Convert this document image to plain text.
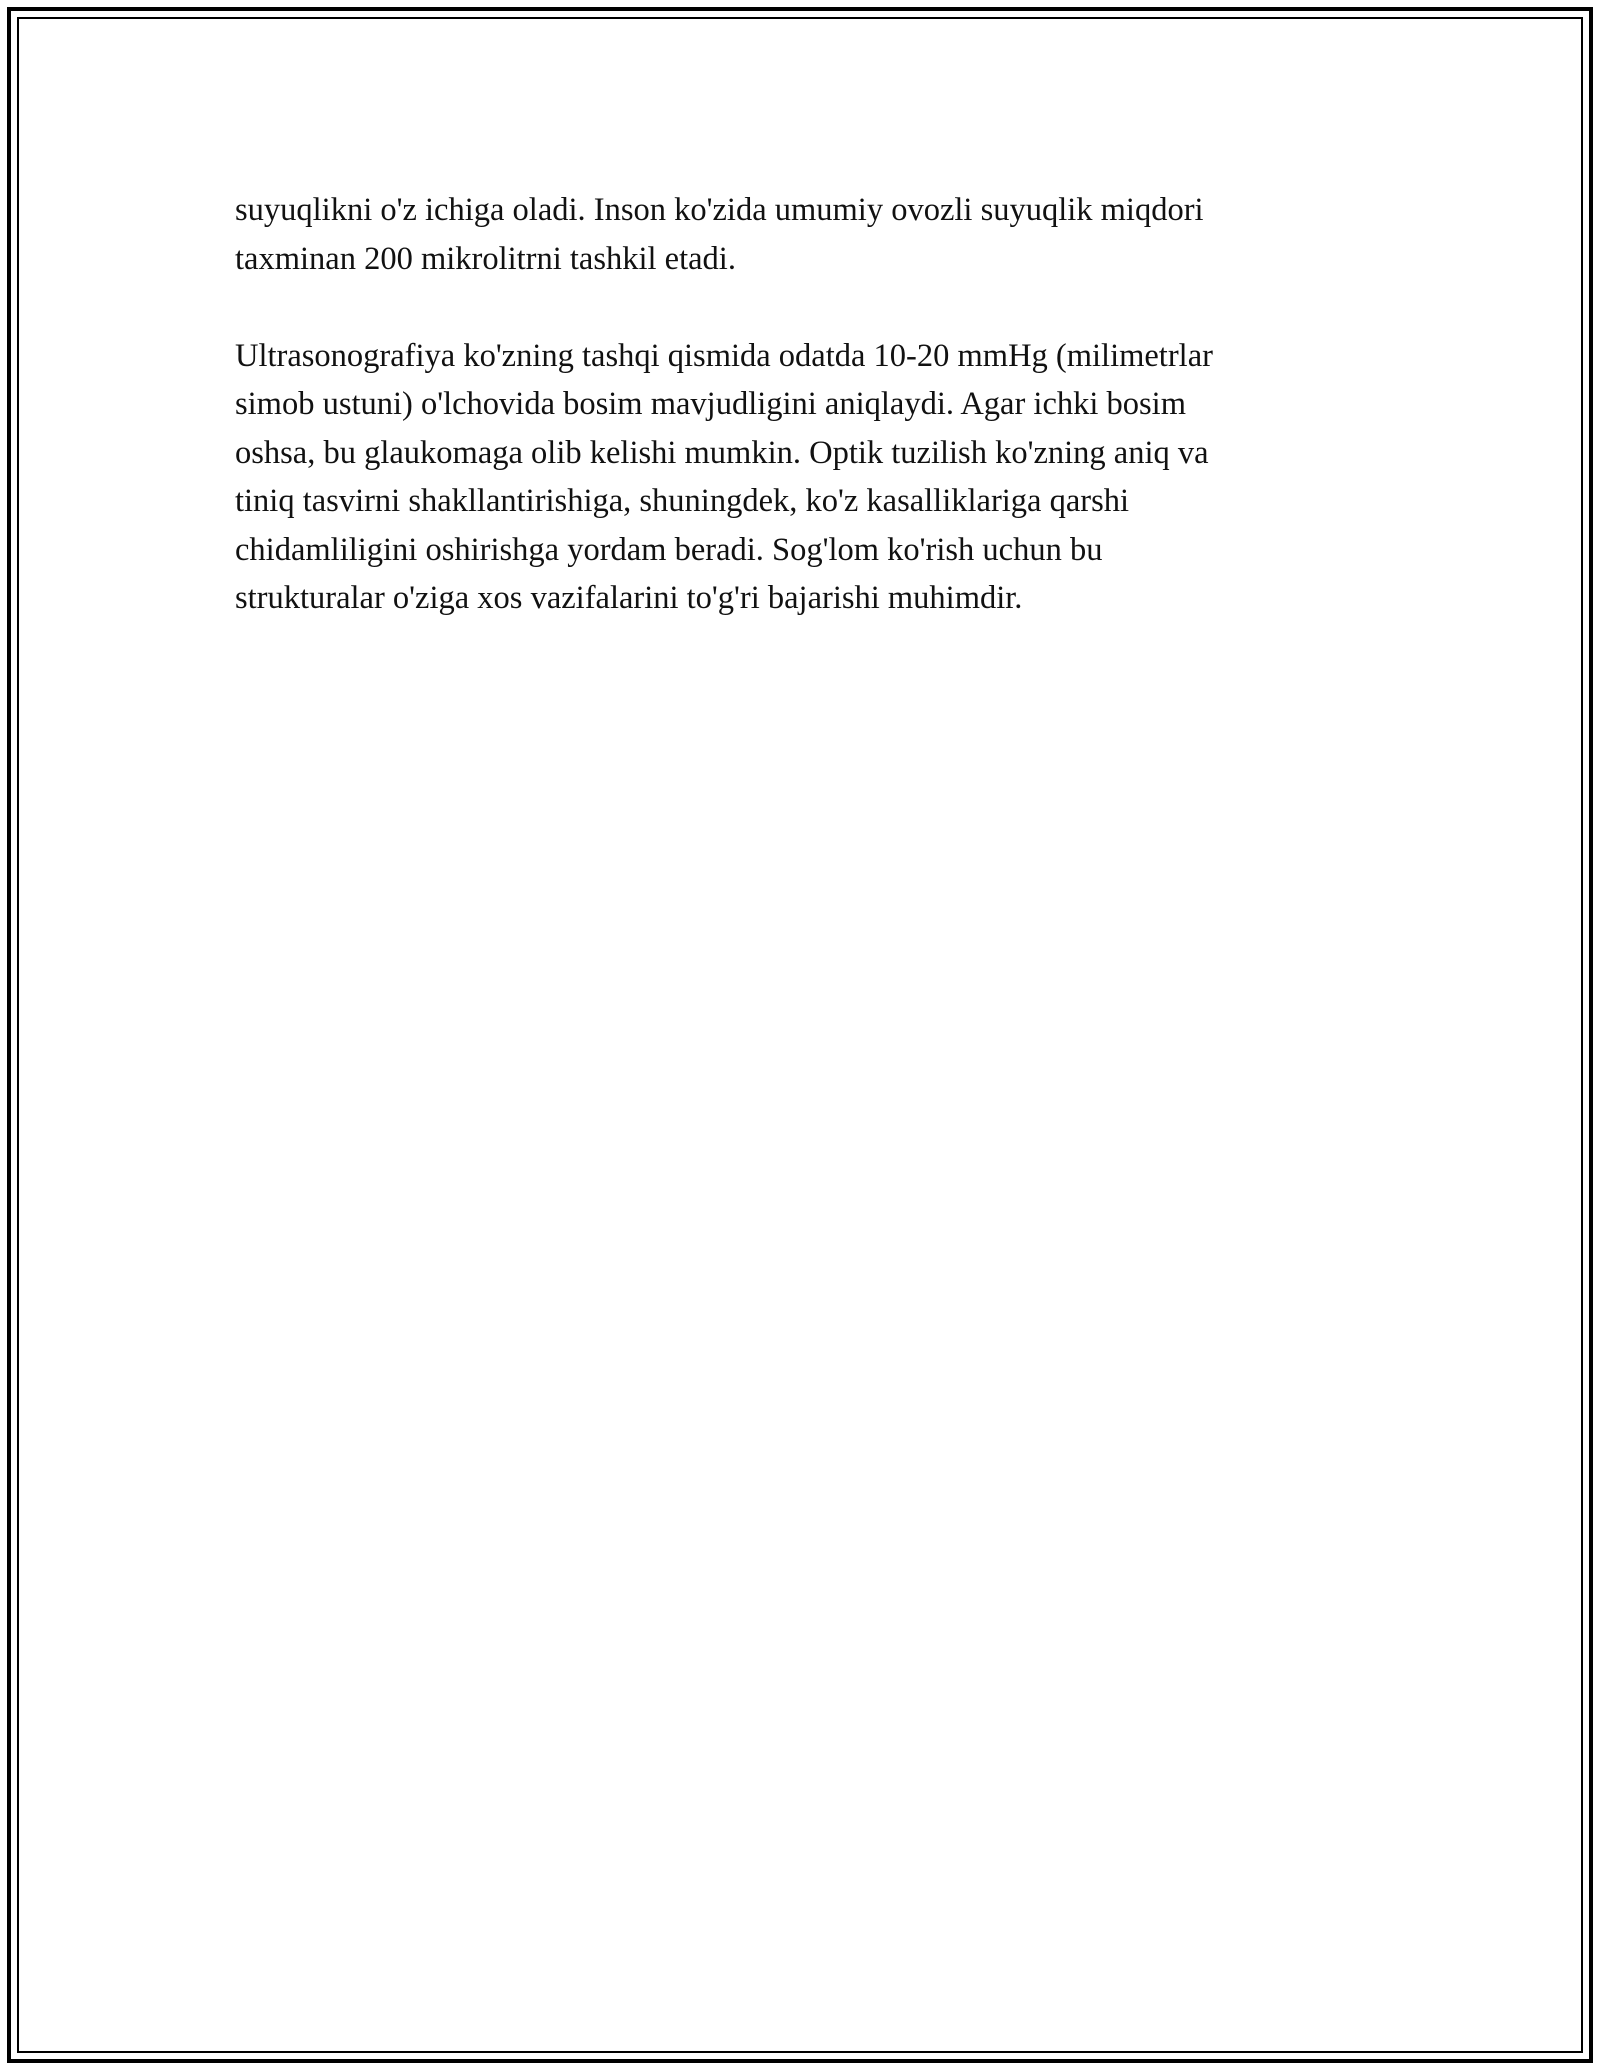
suyuqlikni o'z ichiga oladi. Inson ko'zida umumiy ovozli suyuqlik miqdori
taxminan 200 mikrolitrni tashkil etadi.

Ultrasonografiya ko'zning tashqi qismida odatda 10-20 mmHg (milimetrlar
simob ustuni) o'lchovida bosim mavjudligini aniqlaydi. Agar ichki bosim
oshsa, bu glaukomaga olib kelishi mumkin. Optik tuzilish ko'zning aniq va
tiniq tasvirni shakllantirishiga, shuningdek, ko'z kasalliklariga qarshi
chidamliligini oshirishga yordam beradi. Sog'lom ko'rish uchun bu
strukturalar o'ziga xos vazifalarini to'g'ri bajarishi muhimdir.
